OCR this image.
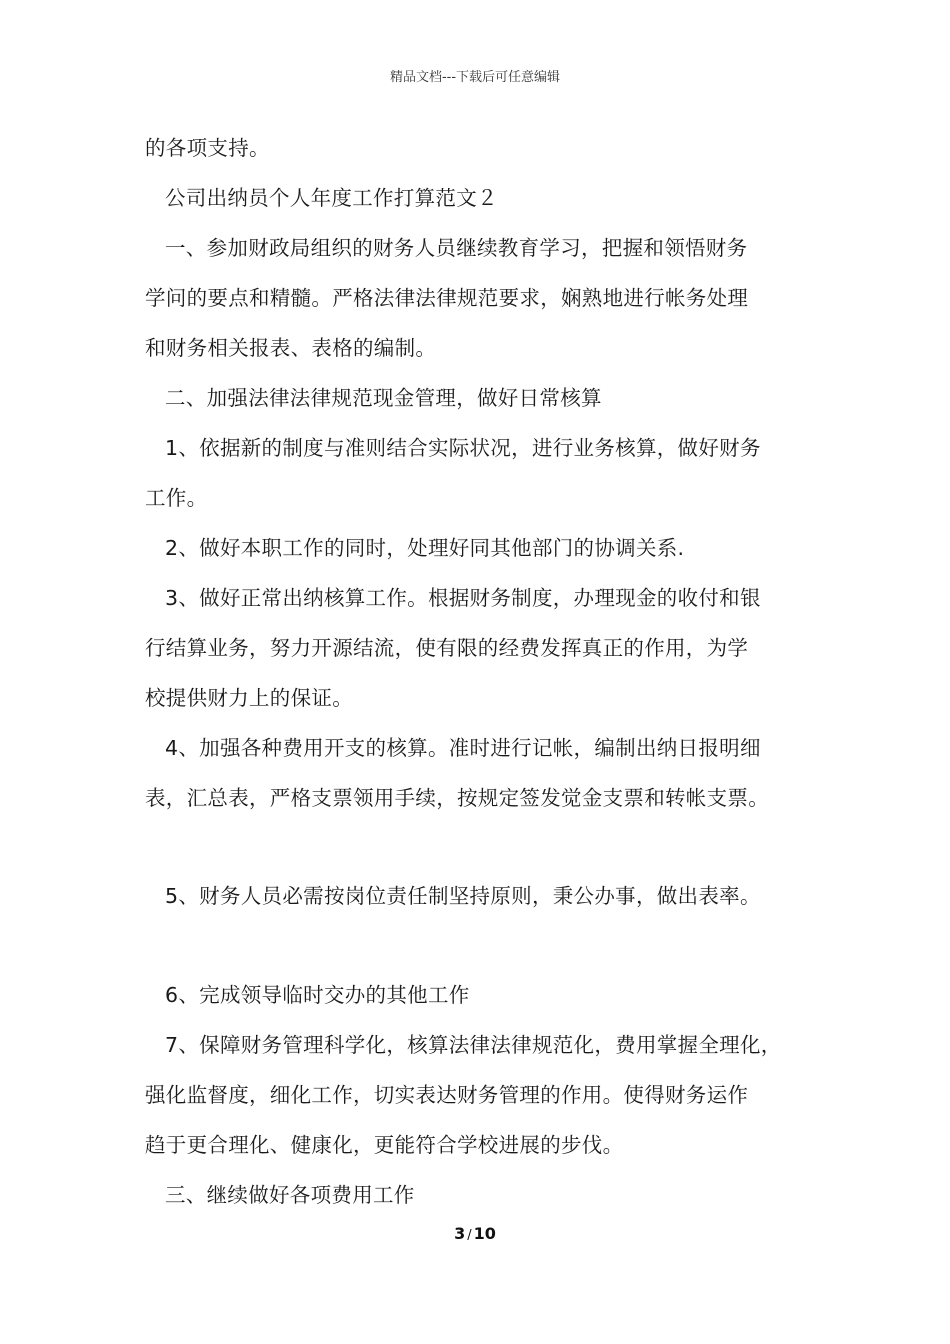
精品文档---下载后可任意编辑
的各项支持。
公司出纳员个人年度工作打算范文２
一、参加财政局组织的财务人员继续教育学习，把握和领悟财务
学问的要点和精髓。严格法律法律规范要求，娴熟地进行帐务处理
和财务相关报表、表格的编制。
二、加强法律法律规范现金管理，做好日常核算
1、依据新的制度与准则结合实际状况，进行业务核算，做好财务
工作。
2、做好本职工作的同时，处理好同其他部门的协调关系.
3、做好正常出纳核算工作。根据财务制度，办理现金的收付和银
行结算业务，努力开源结流，使有限的经费发挥真正的作用，为学
校提供财力上的保证。
4、加强各种费用开支的核算。准时进行记帐，编制出纳日报明细
表，汇总表，严格支票领用手续，按规定签发觉金支票和转帐支票。
5、财务人员必需按岗位责任制坚持原则，秉公办事，做出表率。
6、完成领导临时交办的其他工作
7、保障财务管理科学化，核算法律法律规范化，费用掌握全理化，
强化监督度，细化工作，切实表达财务管理的作用。使得财务运作
趋于更合理化、健康化，更能符合学校进展的步伐。
三、继续做好各项费用工作
3 / 10
